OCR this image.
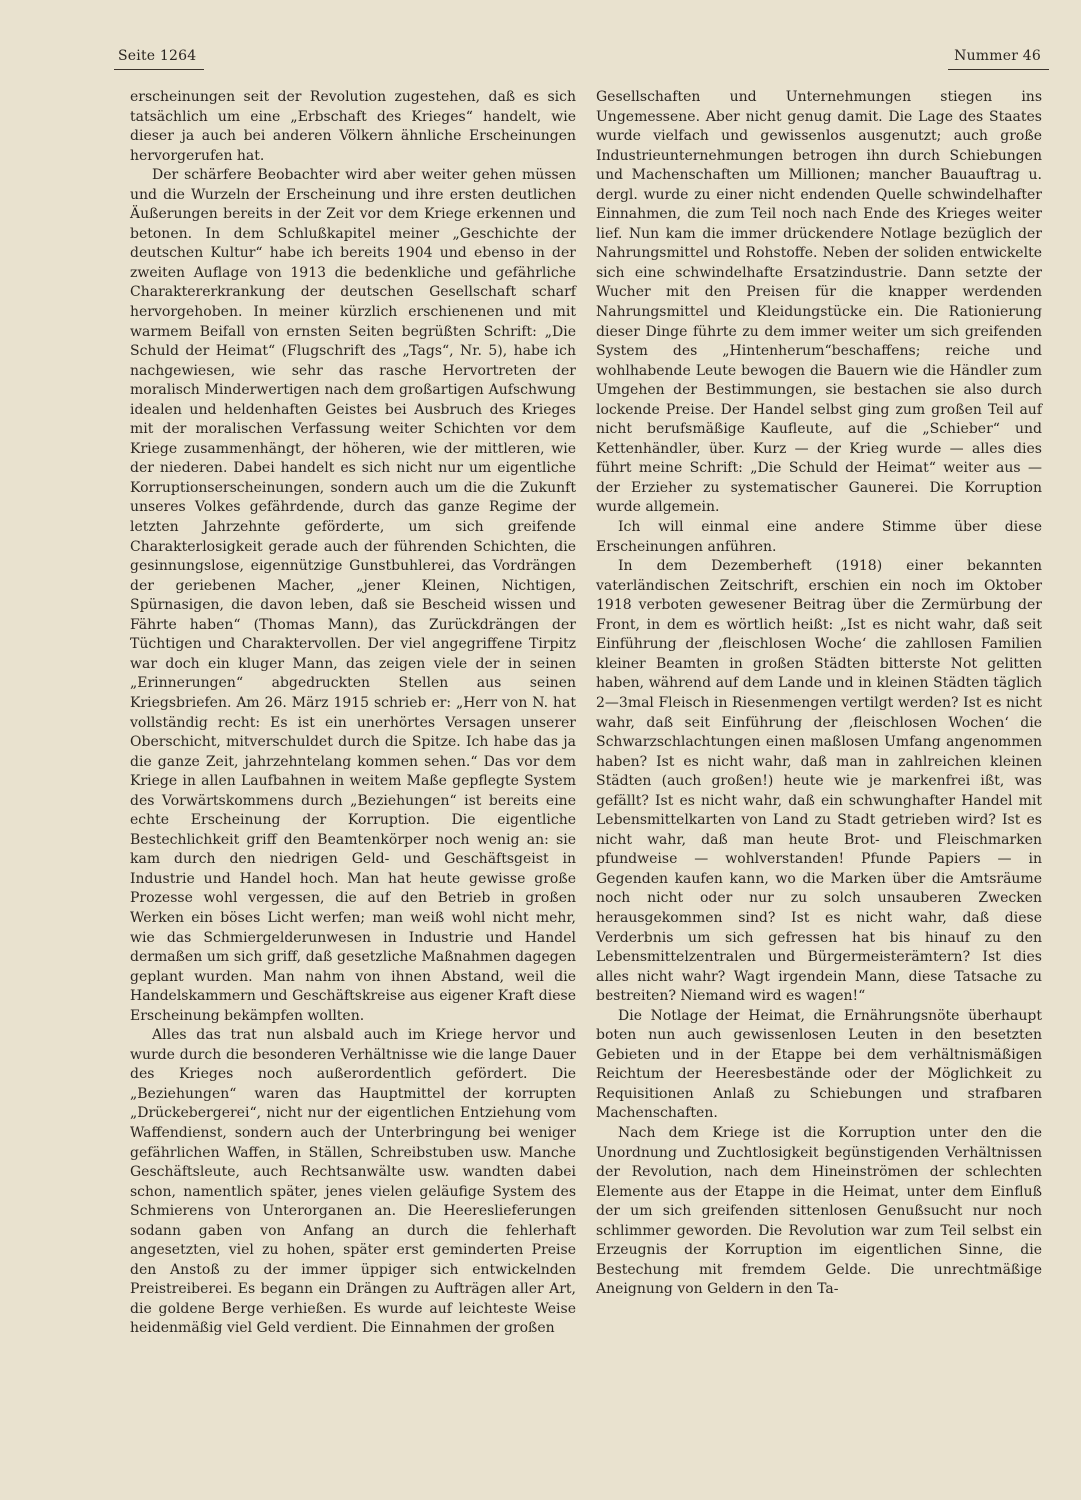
Seite 1264	Nummer 46

erscheinungen seit der Revolution zugestehen, daß es sich tatsächlich um eine „Erbschaft des Krieges“ handelt, wie dieser ja auch bei anderen Völkern ähnliche Erscheinungen hervorgerufen hat.

Der schärfere Beobachter wird aber weiter gehen müssen und die Wurzeln der Erscheinung und ihre ersten deutlichen Äußerungen bereits in der Zeit vor dem Kriege erkennen und betonen. In dem Schlußkapitel meiner „Geschichte der deutschen Kultur“ habe ich bereits 1904 und ebenso in der zweiten Auflage von 1913 die bedenkliche und gefährliche Charaktererkrankung der deutschen Gesellschaft scharf hervorgehoben. In meiner kürzlich erschienenen und mit warmem Beifall von ernsten Seiten begrüßten Schrift: „Die Schuld der Heimat“ (Flugschrift des „Tags“, Nr. 5), habe ich nachgewiesen, wie sehr das rasche Hervortreten der moralisch Minderwertigen nach dem großartigen Aufschwung idealen und heldenhaften Geistes bei Ausbruch des Krieges mit der moralischen Verfassung weiter Schichten vor dem Kriege zusammenhängt, der höheren, wie der mittleren, wie der niederen. Dabei handelt es sich nicht nur um eigentliche Korruptionserscheinungen, sondern auch um die die Zukunft unseres Volkes gefährdende, durch das ganze Regime der letzten Jahrzehnte geförderte, um sich greifende Charakterlosigkeit gerade auch der führenden Schichten, die gesinnungslose, eigennützige Gunstbuhlerei, das Vordrängen der geriebenen Macher, „jener Kleinen, Nichtigen, Spürnasigen, die davon leben, daß sie Bescheid wissen und Fährte haben“ (Thomas Mann), das Zurückdrängen der Tüchtigen und Charaktervollen. Der viel angegriffene Tirpitz war doch ein kluger Mann, das zeigen viele der in seinen „Erinnerungen“ abgedruckten Stellen aus seinen Kriegsbriefen. Am 26. März 1915 schrieb er: „Herr von N. hat vollständig recht: Es ist ein unerhörtes Versagen unserer Oberschicht, mitverschuldet durch die Spitze. Ich habe das ja die ganze Zeit, jahrzehntelang kommen sehen.“ Das vor dem Kriege in allen Laufbahnen in weitem Maße gepflegte System des Vorwärtskommens durch „Beziehungen“ ist bereits eine echte Erscheinung der Korruption. Die eigentliche Bestechlichkeit griff den Beamtenkörper noch wenig an: sie kam durch den niedrigen Geld- und Geschäftsgeist in Industrie und Handel hoch. Man hat heute gewisse große Prozesse wohl vergessen, die auf den Betrieb in großen Werken ein böses Licht werfen; man weiß wohl nicht mehr, wie das Schmiergelderunwesen in Industrie und Handel dermaßen um sich griff, daß gesetzliche Maßnahmen dagegen geplant wurden. Man nahm von ihnen Abstand, weil die Handelskammern und Geschäftskreise aus eigener Kraft diese Erscheinung bekämpfen wollten.

Alles das trat nun alsbald auch im Kriege hervor und wurde durch die besonderen Verhältnisse wie die lange Dauer des Krieges noch außerordentlich gefördert. Die „Beziehungen“ waren das Hauptmittel der korrupten „Drückebergerei“, nicht nur der eigentlichen Entziehung vom Waffendienst, sondern auch der Unterbringung bei weniger gefährlichen Waffen, in Ställen, Schreibstuben usw. Manche Geschäftsleute, auch Rechtsanwälte usw. wandten dabei schon, namentlich später, jenes vielen geläufige System des Schmierens von Unterorganen an. Die Heereslieferungen sodann gaben von Anfang an durch die fehlerhaft angesetzten, viel zu hohen, später erst geminderten Preise den Anstoß zu der immer üppiger sich entwickelnden Preistreiberei. Es begann ein Drängen zu Aufträgen aller Art, die goldene Berge verhießen. Es wurde auf leichteste Weise heidenmäßig viel Geld verdient. Die Einnahmen der großen

Gesellschaften und Unternehmungen stiegen ins Ungemessene. Aber nicht genug damit. Die Lage des Staates wurde vielfach und gewissenlos ausgenutzt; auch große Industrieunternehmungen betrogen ihn durch Schiebungen und Machenschaften um Millionen; mancher Bauauftrag u. dergl. wurde zu einer nicht endenden Quelle schwindelhafter Einnahmen, die zum Teil noch nach Ende des Krieges weiter lief. Nun kam die immer drückendere Notlage bezüglich der Nahrungsmittel und Rohstoffe. Neben der soliden entwickelte sich eine schwindelhafte Ersatzindustrie. Dann setzte der Wucher mit den Preisen für die knapper werdenden Nahrungsmittel und Kleidungstücke ein. Die Rationierung dieser Dinge führte zu dem immer weiter um sich greifenden System des „Hintenherum“beschaffens; reiche und wohlhabende Leute bewogen die Bauern wie die Händler zum Umgehen der Bestimmungen, sie bestachen sie also durch lockende Preise. Der Handel selbst ging zum großen Teil auf nicht berufsmäßige Kaufleute, auf die „Schieber“ und Kettenhändler, über. Kurz — der Krieg wurde — alles dies führt meine Schrift: „Die Schuld der Heimat“ weiter aus — der Erzieher zu systematischer Gaunerei. Die Korruption wurde allgemein.

Ich will einmal eine andere Stimme über diese Erscheinungen anführen.

In dem Dezemberheft (1918) einer bekannten vaterländischen Zeitschrift, erschien ein noch im Oktober 1918 verboten gewesener Beitrag über die Zermürbung der Front, in dem es wörtlich heißt: „Ist es nicht wahr, daß seit Einführung der ‚fleischlosen Woche‘ die zahllosen Familien kleiner Beamten in großen Städten bitterste Not gelitten haben, während auf dem Lande und in kleinen Städten täglich 2—3mal Fleisch in Riesenmengen vertilgt werden? Ist es nicht wahr, daß seit Einführung der ‚fleischlosen Wochen‘ die Schwarzschlachtungen einen maßlosen Umfang angenommen haben? Ist es nicht wahr, daß man in zahlreichen kleinen Städten (auch großen!) heute wie je markenfrei ißt, was gefällt? Ist es nicht wahr, daß ein schwunghafter Handel mit Lebensmittelkarten von Land zu Stadt getrieben wird? Ist es nicht wahr, daß man heute Brot- und Fleischmarken pfundweise — wohlverstanden! Pfunde Papiers — in Gegenden kaufen kann, wo die Marken über die Amtsräume noch nicht oder nur zu solch unsauberen Zwecken herausgekommen sind? Ist es nicht wahr, daß diese Verderbnis um sich gefressen hat bis hinauf zu den Lebensmittelzentralen und Bürgermeisterämtern? Ist dies alles nicht wahr? Wagt irgendein Mann, diese Tatsache zu bestreiten? Niemand wird es wagen!“

Die Notlage der Heimat, die Ernährungsnöte überhaupt boten nun auch gewissenlosen Leuten in den besetzten Gebieten und in der Etappe bei dem verhältnismäßigen Reichtum der Heeresbestände oder der Möglichkeit zu Requisitionen Anlaß zu Schiebungen und strafbaren Machenschaften.

Nach dem Kriege ist die Korruption unter den die Unordnung und Zuchtlosigkeit begünstigenden Verhältnissen der Revolution, nach dem Hineinströmen der schlechten Elemente aus der Etappe in die Heimat, unter dem Einfluß der um sich greifenden sittenlosen Genußsucht nur noch schlimmer geworden. Die Revolution war zum Teil selbst ein Erzeugnis der Korruption im eigentlichen Sinne, die Bestechung mit fremdem Gelde. Die unrechtmäßige Aneignung von Geldern in den Ta-
